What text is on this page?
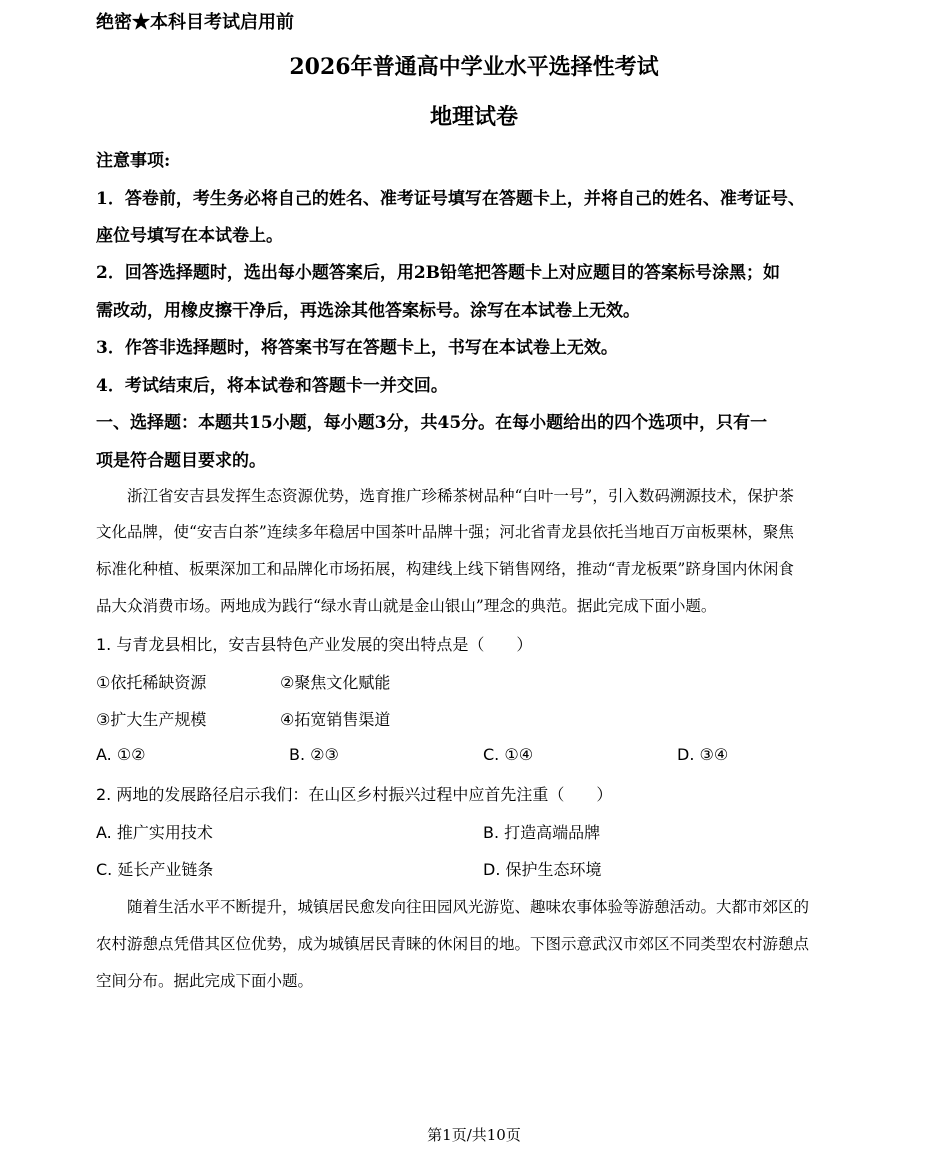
绝密★本科目考试启用前
2026年普通高中学业水平选择性考试
地理试卷
注意事项:
1．答卷前，考生务必将自己的姓名、准考证号填写在答题卡上，并将自己的姓名、准考证号、
座位号填写在本试卷上。
2．回答选择题时，选出每小题答案后，用2B铅笔把答题卡上对应题目的答案标号涂黑；如
需改动，用橡皮擦干净后，再选涂其他答案标号。涂写在本试卷上无效。
3．作答非选择题时，将答案书写在答题卡上，书写在本试卷上无效。
4．考试结束后，将本试卷和答题卡一并交回。
一、选择题：本题共15小题，每小题3分，共45分。在每小题给出的四个选项中，只有一
项是符合题目要求的。
　　浙江省安吉县发挥生态资源优势，选育推广珍稀茶树品种“白叶一号”，引入数码溯源技术，保护茶
文化品牌，使“安吉白茶”连续多年稳居中国茶叶品牌十强；河北省青龙县依托当地百万亩板栗林，聚焦
标准化种植、板栗深加工和品牌化市场拓展，构建线上线下销售网络，推动“青龙板栗”跻身国内休闲食
品大众消费市场。两地成为践行“绿水青山就是金山银山”理念的典范。据此完成下面小题。
1. 与青龙县相比，安吉县特色产业发展的突出特点是（　　）
①依托稀缺资源	②聚焦文化赋能
③扩大生产规模	④拓宽销售渠道
A. ①②	B. ②③	C. ①④	D. ③④
2. 两地的发展路径启示我们：在山区乡村振兴过程中应首先注重（　　）
A. 推广实用技术	B. 打造高端品牌
C. 延长产业链条	D. 保护生态环境
　　随着生活水平不断提升，城镇居民愈发向往田园风光游览、趣味农事体验等游憩活动。大都市郊区的
农村游憩点凭借其区位优势，成为城镇居民青睐的休闲目的地。下图示意武汉市郊区不同类型农村游憩点
空间分布。据此完成下面小题。
第1页/共10页
